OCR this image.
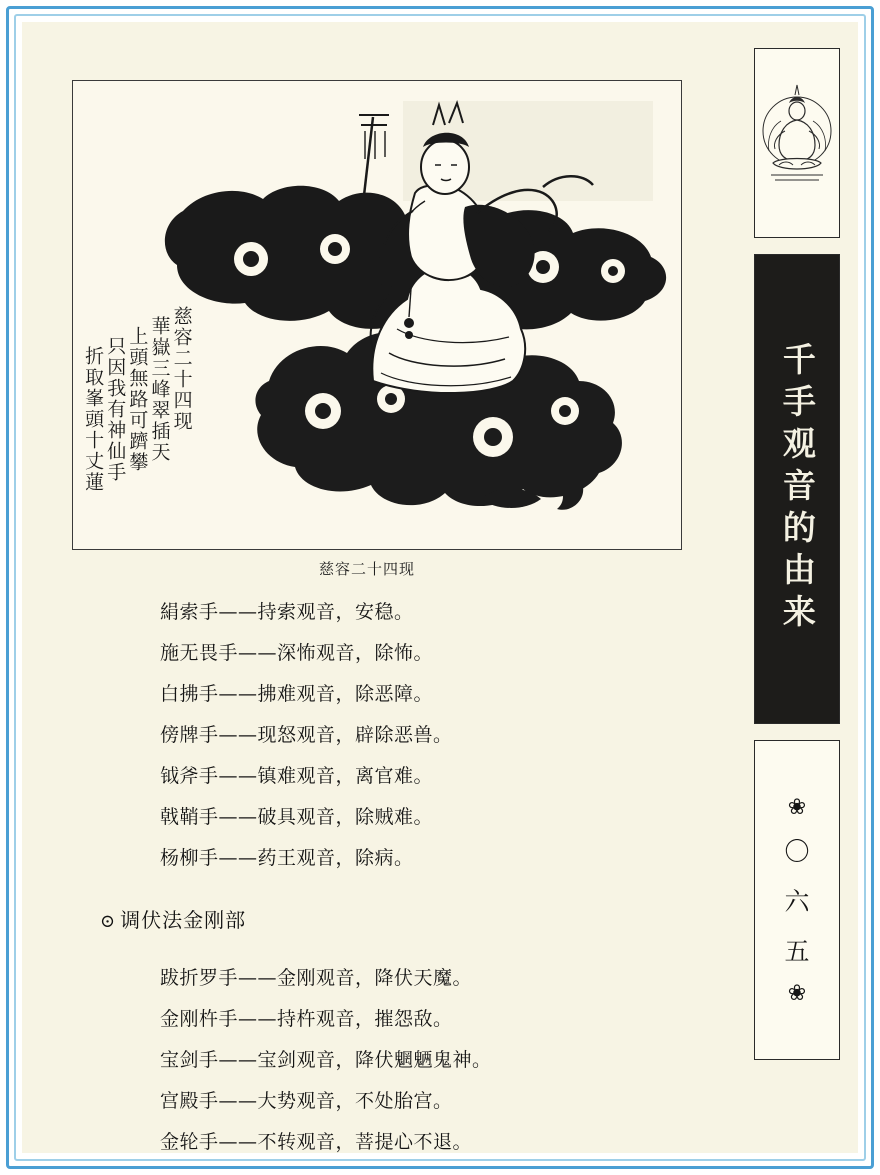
慈容二十四现
華嶽三峰翠插天
上頭無路可躋攀
只因我有神仙手
折取峯頭十丈蓮
慈容二十四现
絹索手——持索观音，安稳。
施无畏手——深怖观音，除怖。
白拂手——拂难观音，除恶障。
傍牌手——现怒观音，辟除恶兽。
钺斧手——镇难观音，离官难。
戟鞘手——破具观音，除贼难。
杨柳手——药王观音，除病。
⊙ 调伏法金刚部
跋折罗手——金刚观音，降伏天魔。
金刚杵手——持杵观音，摧怨敌。
宝剑手——宝剑观音，降伏魍魉鬼神。
宫殿手——大势观音，不处胎宫。
金轮手——不转观音，菩提心不退。
千手观音的由来
❀
〇
六
五
❀
